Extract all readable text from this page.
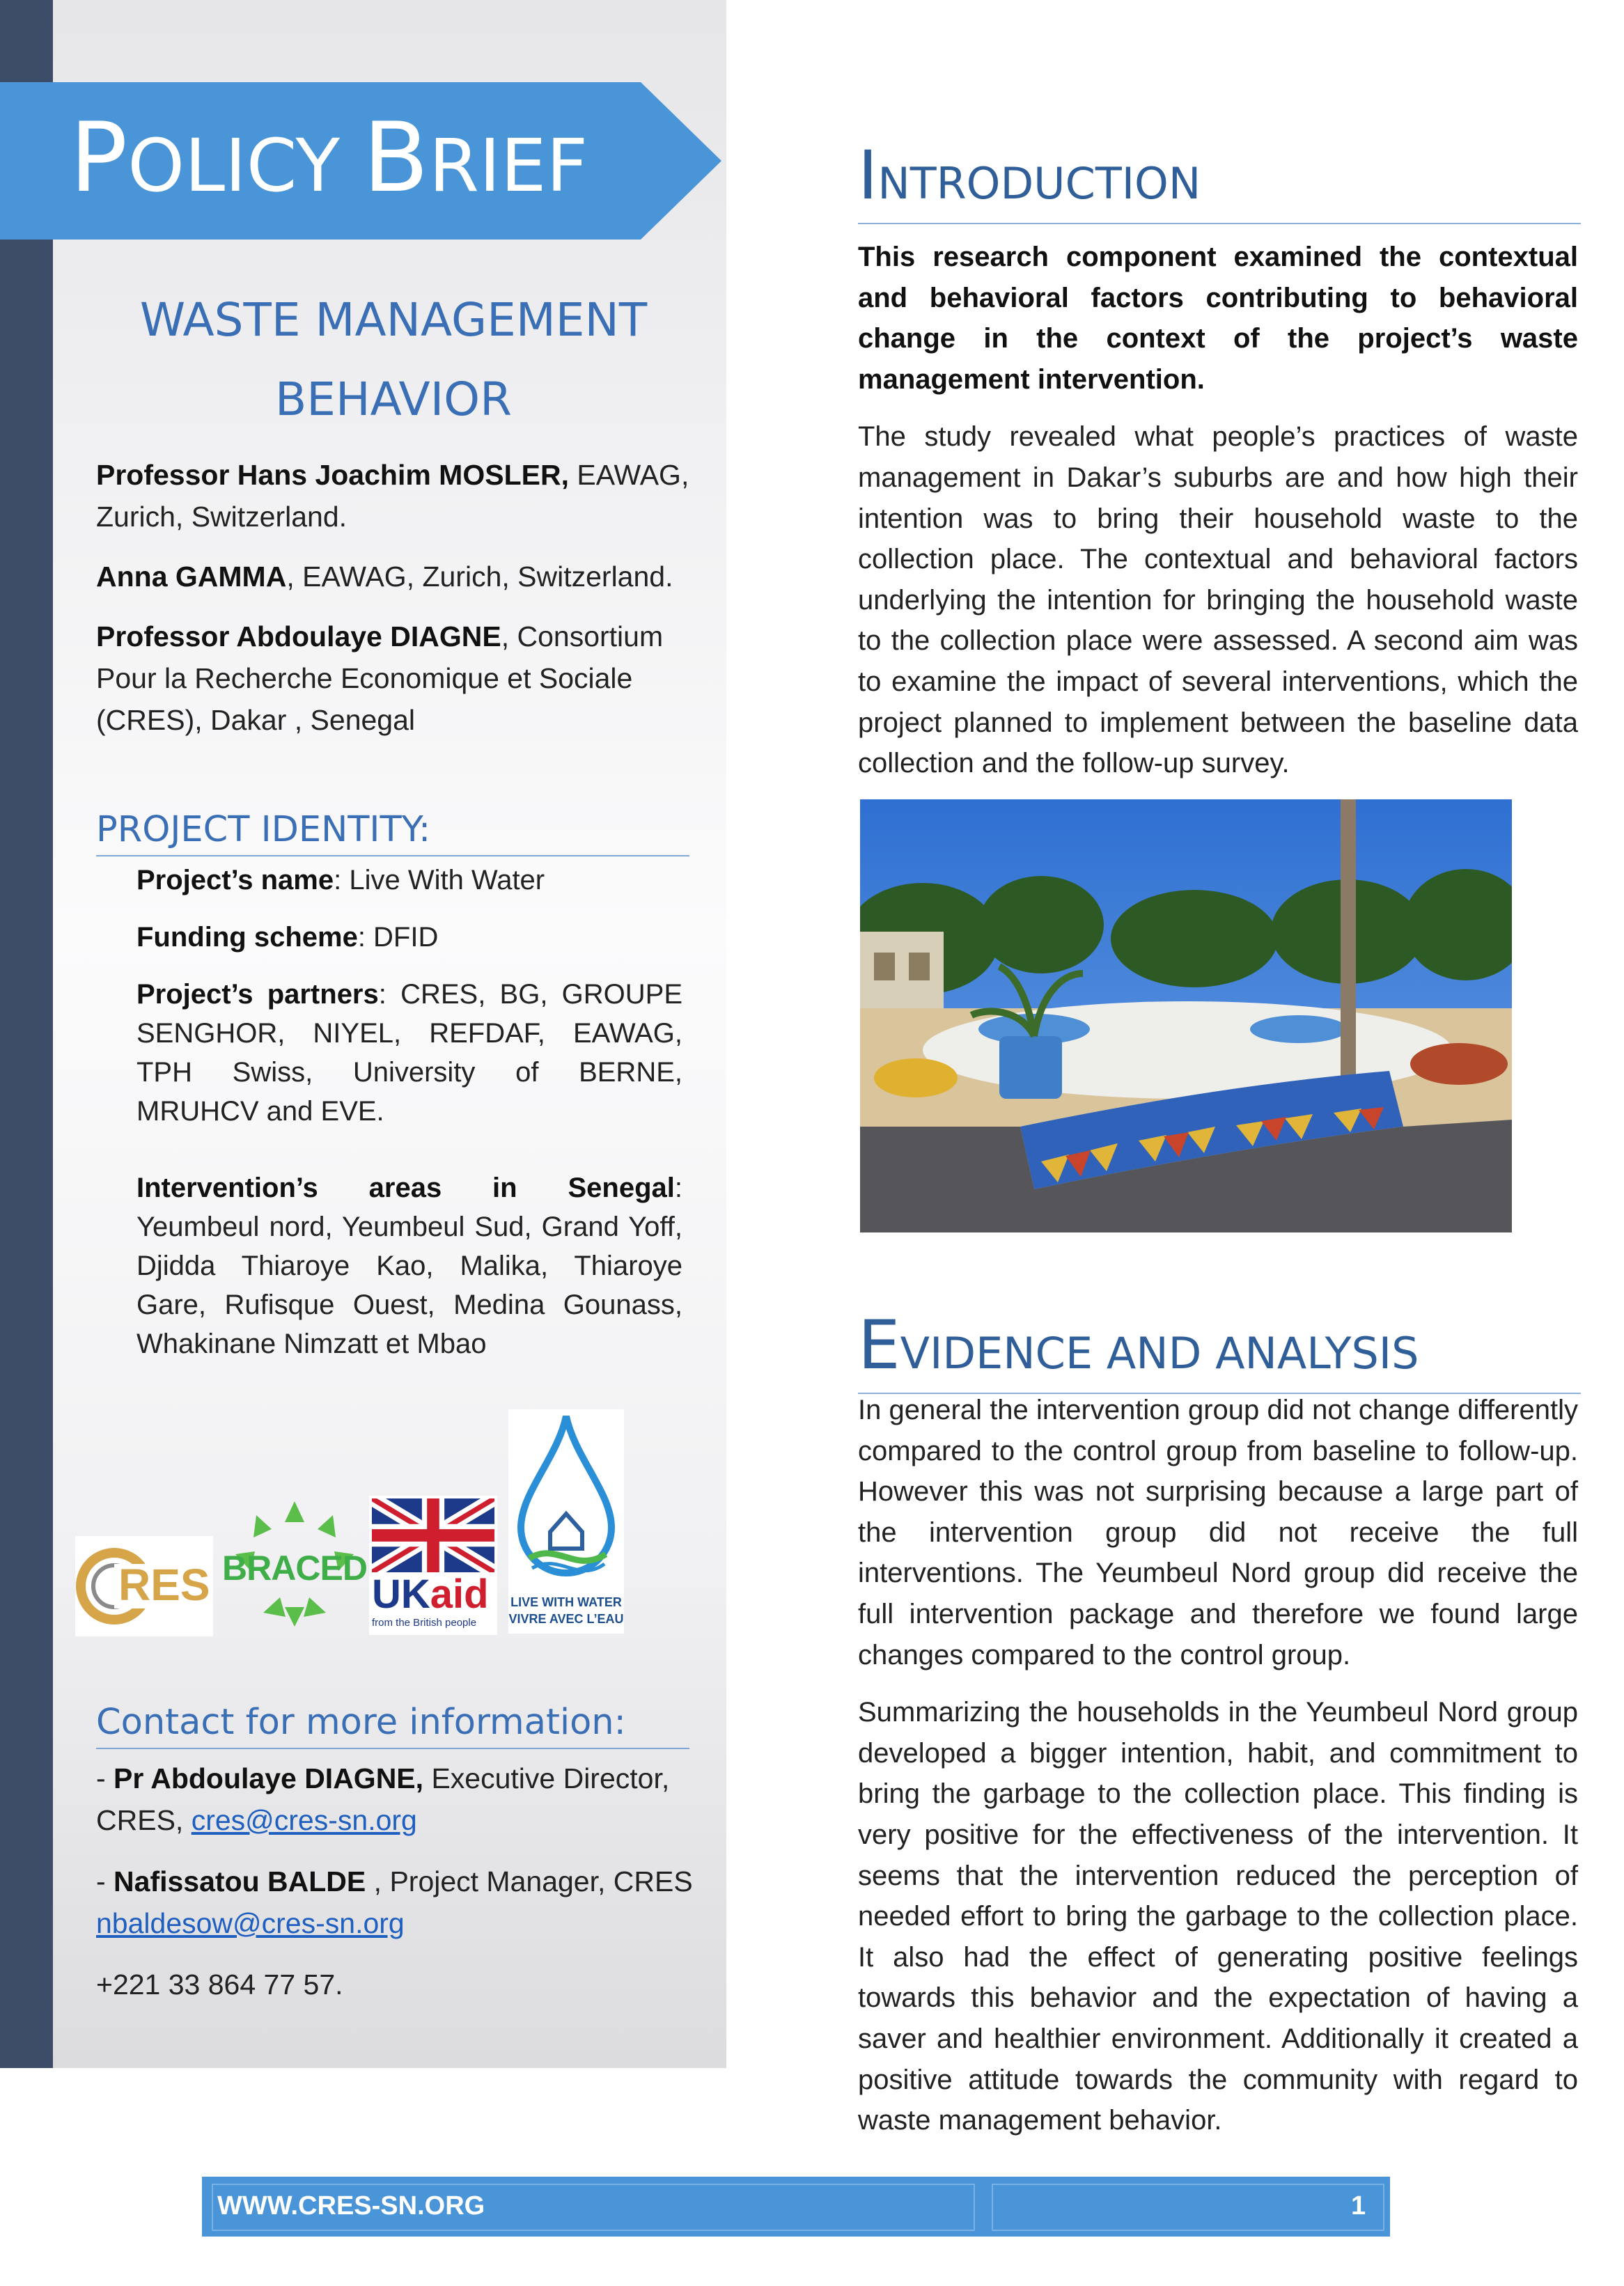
POLICY BRIEF
WASTE MANAGEMENT
BEHAVIOR

Professor Hans Joachim MOSLER, EAWAG, Zurich, Switzerland.

Anna GAMMA, EAWAG, Zurich, Switzerland.

Professor Abdoulaye DIAGNE, Consortium Pour la Recherche Economique et Sociale (CRES), Dakar , Senegal

PROJECT IDENTITY:

Project’s name: Live With Water

Funding scheme: DFID

Project’s partners: CRES, BG, GROUPE SENGHOR, NIYEL, REFDAF, EAWAG, TPH Swiss, University of BERNE, MRUHCV and EVE.

Intervention’s areas in Senegal: Yeumbeul nord, Yeumbeul Sud, Grand Yoff, Djidda Thiaroye Kao, Malika, Thiaroye Gare, Rufisque Ouest, Medina Gounass, Whakinane Nimzatt et Mbao

RES BRACED
UKaid
from the British people
LIVE WITH WATER
VIVRE AVEC L’EAU
Contact for more information:

- Pr Abdoulaye DIAGNE, Executive Director, CRES, cres@cres-sn.org

- Nafissatou BALDE , Project Manager, CRES
nbaldesow@cres-sn.org

+221 33 864 77 57.

INTRODUCTION

This research component examined the contextual and behavioral factors contributing to behavioral change in the context of the project’s waste management intervention.

The study revealed what people’s practices of waste management in Dakar’s suburbs are and how high their intention was to bring their household waste to the collection place. The contextual and behavioral factors underlying the intention for bringing the household waste to the collection place were assessed. A second aim was to examine the impact of several interventions, which the project planned to implement between the baseline data collection and the follow-up survey.

EVIDENCE AND ANALYSIS

In general the intervention group did not change differently compared to the control group from baseline to follow-up. However this was not surprising because a large part of the intervention group did not receive the full interventions. The Yeumbeul Nord group did receive the full intervention package and therefore we found large changes compared to the control group.

Summarizing the households in the Yeumbeul Nord group developed a bigger intention, habit, and commitment to bring the garbage to the collection place. This finding is very positive for the effectiveness of the intervention. It seems that the intervention reduced the perception of needed effort to bring the garbage to the collection place. It also had the effect of generating positive feelings towards this behavior and the expectation of having a saver and healthier environment. Additionally it created a positive attitude towards the community with regard to waste management behavior.

WWW.CRES-SN.ORG	1
